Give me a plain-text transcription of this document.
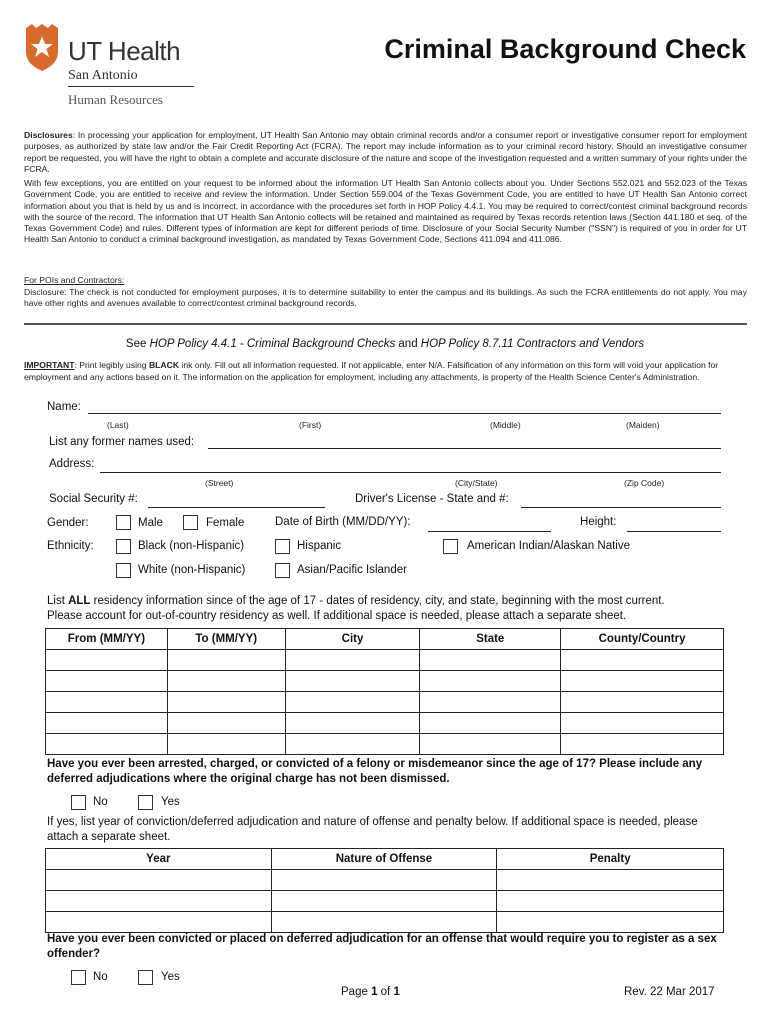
UT Health
San Antonio
Human Resources
Criminal Background Check
Disclosures: In processing your application for employment, UT Health San Antonio may obtain criminal records and/or a consumer report or investigative consumer report for employment purposes, as authorized by state law and/or the Fair Credit Reporting Act (FCRA). The report may include information as to your criminal record history. Should an investigative consumer report be requested, you will have the right to obtain a complete and accurate disclosure of the nature and scope of the investigation requested and a written summary of your rights under the FCRA.
With few exceptions, you are entitled on your request to be informed about the information UT Health San Antonio collects about you. Under Sections 552.021 and 552.023 of the Texas Government Code, you are entitled to receive and review the information. Under Section 559.004 of the Texas Government Code, you are entitled to have UT Health San Antonio correct information about you that is held by us and is incorrect, in accordance with the procedures set forth in HOP Policy 4.4.1. You may be required to correct/contest criminal background records with the source of the record. The information that UT Health San Antonio collects will be retained and maintained as required by Texas records retention laws (Section 441.180 et seq. of the Texas Government Code) and rules. Different types of information are kept for different periods of time. Disclosure of your Social Security Number ("SSN") is required of you in order for UT Health San Antonio to conduct a criminal background investigation, as mandated by Texas Government Code, Sections 411.094 and 411.086.
For POIs and Contractors:
Disclosure: The check is not conducted for employment purposes, it is to determine suitability to enter the campus and its buildings. As such the FCRA entitlements do not apply. You may have other rights and avenues available to correct/contest criminal background records.
See HOP Policy 4.4.1 - Criminal Background Checks and HOP Policy 8.7.11 Contractors and Vendors
IMPORTANT: Print legibly using BLACK ink only. Fill out all information requested. If not applicable, enter N/A. Falsification of any information on this form will void your application for employment and any actions based on it. The information on the application for employment, including any attachments, is property of the Health Science Center's Administration.
Name:
(Last)	(First)	(Middle)	(Maiden)
List any former names used:
Address:
(Street)	(City/State)	(Zip Code)
Social Security #:	Driver's License - State and #:
Gender:	Male	Female	Date of Birth (MM/DD/YY):	Height:
Ethnicity:	Black (non-Hispanic)	Hispanic	American Indian/Alaskan Native
White (non-Hispanic)	Asian/Pacific Islander
List ALL residency information since of the age of 17 - dates of residency, city, and state, beginning with the most current.
Please account for out-of-country residency as well. If additional space is needed, please attach a separate sheet.
From (MM/YY)	To (MM/YY)	City	State	County/Country

Have you ever been arrested, charged, or convicted of a felony or misdemeanor since the age of 17? Please include any deferred adjudications where the original charge has not been dismissed.
No	Yes
If yes, list year of conviction/deferred adjudication and nature of offense and penalty below. If additional space is needed, please attach a separate sheet.
Year	Nature of Offense	Penalty

Have you ever been convicted or placed on deferred adjudication for an offense that would require you to register as a sex offender?
No	Yes
Page 1 of 1	Rev. 22 Mar 2017
